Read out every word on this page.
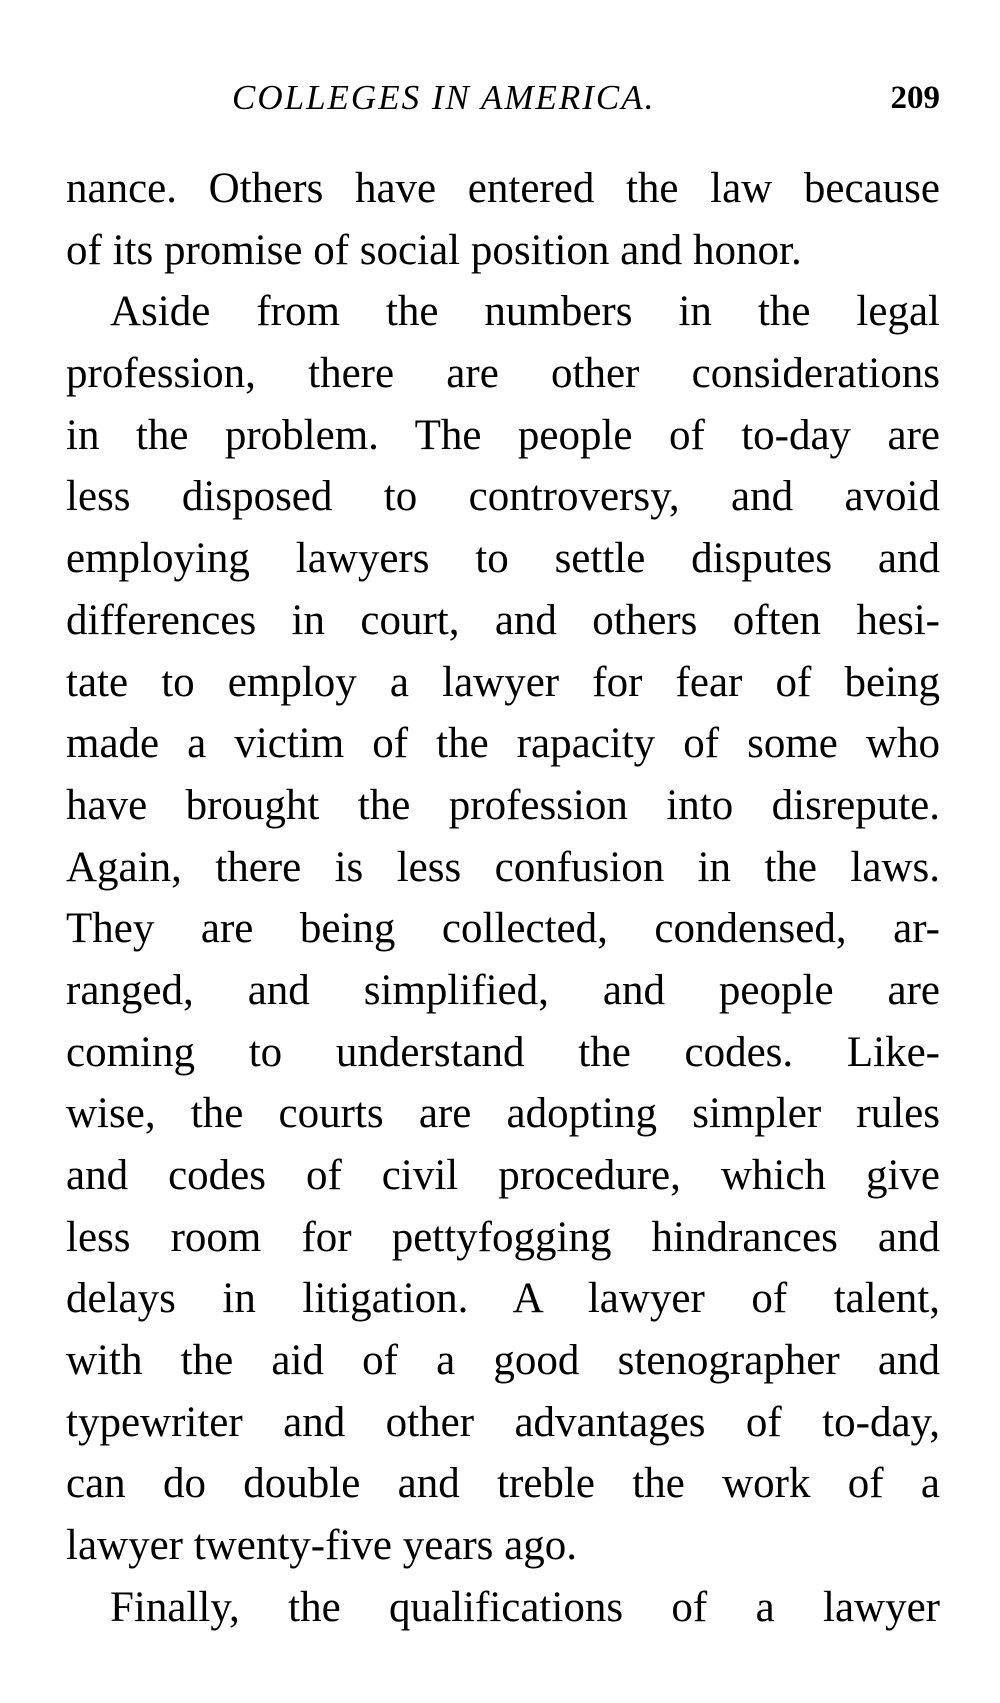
COLLEGES IN AMERICA.	209
nance. Others have entered the law because
of its promise of social position and honor.
Aside from the numbers in the legal
profession, there are other considerations
in the problem. The people of to-day are
less disposed to controversy, and avoid
employing lawyers to settle disputes and
differences in court, and others often hesi-
tate to employ a lawyer for fear of being
made a victim of the rapacity of some who
have brought the profession into disrepute.
Again, there is less confusion in the laws.
They are being collected, condensed, ar-
ranged, and simplified, and people are
coming to understand the codes. Like-
wise, the courts are adopting simpler rules
and codes of civil procedure, which give
less room for pettyfogging hindrances and
delays in litigation. A lawyer of talent,
with the aid of a good stenographer and
typewriter and other advantages of to-day,
can do double and treble the work of a
lawyer twenty-five years ago.
Finally, the qualifications of a lawyer
